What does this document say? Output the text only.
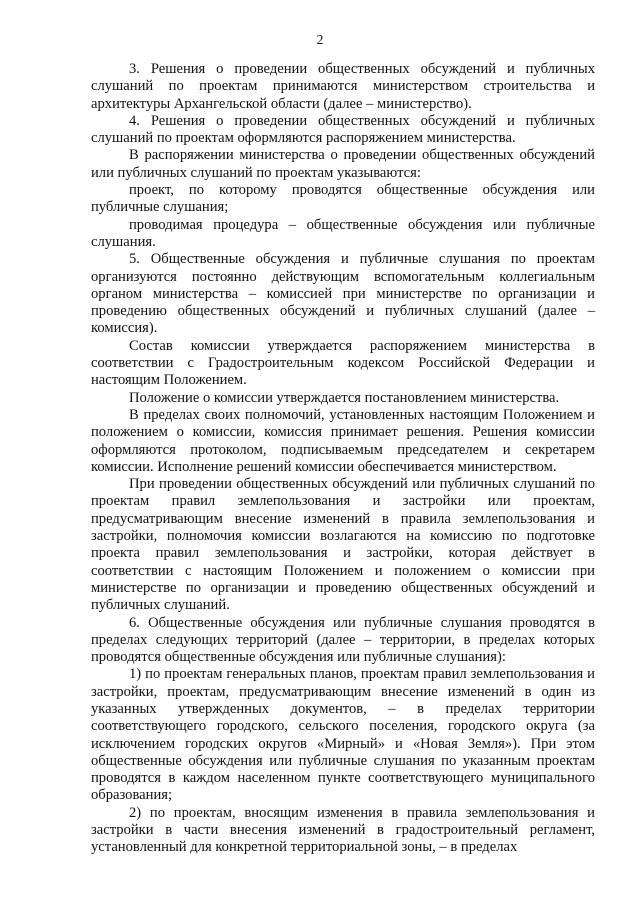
2

3. Решения о проведении общественных обсуждений и публичных слушаний по проектам принимаются министерством строительства и архитектуры Архангельской области (далее – министерство).

4. Решения о проведении общественных обсуждений и публичных слушаний по проектам оформляются распоряжением министерства.

В распоряжении министерства о проведении общественных обсуждений или публичных слушаний по проектам указываются:

проект, по которому проводятся общественные обсуждения или публичные слушания;

проводимая процедура – общественные обсуждения или публичные слушания.

5. Общественные обсуждения и публичные слушания по проектам организуются постоянно действующим вспомогательным коллегиальным органом министерства – комиссией при министерстве по организации и проведению общественных обсуждений и публичных слушаний (далее – комиссия).

Состав комиссии утверждается распоряжением министерства в соответствии с Градостроительным кодексом Российской Федерации и настоящим Положением.

Положение о комиссии утверждается постановлением министерства.

В пределах своих полномочий, установленных настоящим Положением и положением о комиссии, комиссия принимает решения. Решения комиссии оформляются протоколом, подписываемым председателем и секретарем комиссии. Исполнение решений комиссии обеспечивается министерством.

При проведении общественных обсуждений или публичных слушаний по проектам правил землепользования и застройки или проектам, предусматривающим внесение изменений в правила землепользования и застройки, полномочия комиссии возлагаются на комиссию по подготовке проекта правил землепользования и застройки, которая действует в соответствии с настоящим Положением и положением о комиссии при министерстве по организации и проведению общественных обсуждений и публичных слушаний.

6. Общественные обсуждения или публичные слушания проводятся в пределах следующих территорий (далее – территории, в пределах которых проводятся общественные обсуждения или публичные слушания):

1) по проектам генеральных планов, проектам правил землепользования и застройки, проектам, предусматривающим внесение изменений в один из указанных утвержденных документов, – в пределах территории соответствующего городского, сельского поселения, городского округа (за исключением городских округов «Мирный» и «Новая Земля»). При этом общественные обсуждения или публичные слушания по указанным проектам проводятся в каждом населенном пункте соответствующего муниципального образования;

2) по проектам, вносящим изменения в правила землепользования и застройки в части внесения изменений в градостроительный регламент, установленный для конкретной территориальной зоны, – в пределах
